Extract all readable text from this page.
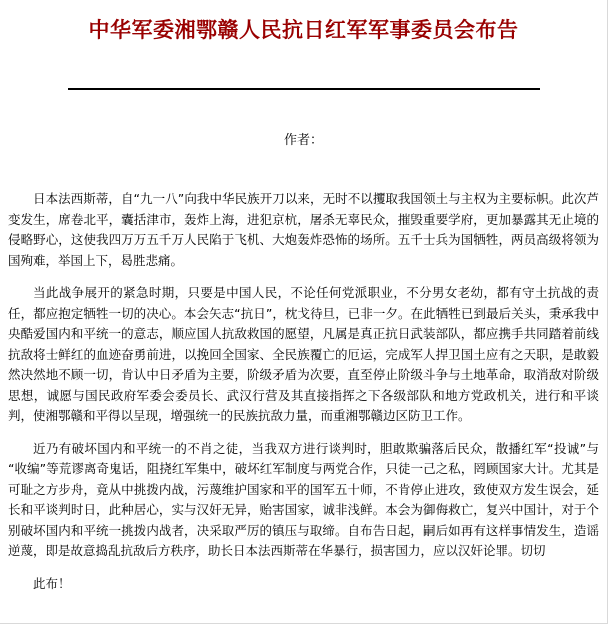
中华军委湘鄂赣人民抗日红军军事委员会布告
作者：

日本法西斯蒂，自“九一八”向我中华民族开刀以来，无时不以攫取我国领土与主权为主要标帜。此次芦变发生，席卷北平，囊括津市，轰炸上海，进犯京杭，屠杀无辜民众，摧毁重要学府，更加暴露其无止境的侵略野心，这使我四万万五千万人民陷于飞机、大炮轰炸恐怖的场所。五千士兵为国牺牲，两员高级将领为国殉难，举国上下，曷胜悲痛。

当此战争展开的紧急时期，只要是中国人民，不论任何党派职业，不分男女老幼，都有守土抗战的责任，都应抱定牺牲一切的决心。本会矢志“抗日”，枕戈待旦，已非一夕。在此牺牲已到最后关头，秉承我中央酷爱国内和平统一的意志，顺应国人抗敌救国的愿望，凡属是真正抗日武装部队，都应携手共同踏着前线抗敌将士鲜红的血迹奋勇前进，以挽回全国家、全民族覆亡的厄运，完成军人捍卫国土应有之天职，是敢毅然决然地不顾一切，肯认中日矛盾为主要，阶级矛盾为次要，直至停止阶级斗争与土地革命，取消敌对阶级思想，诚愿与国民政府军委会委员长、武汉行营及其直接指挥之下各级部队和地方党政机关，进行和平谈判，使湘鄂赣和平得以呈现，增强统一的民族抗敌力量，而重湘鄂赣边区防卫工作。

近乃有破坏国内和平统一的不肖之徒，当我双方进行谈判时，胆敢欺骗落后民众，散播红军“投诚”与“收编”等荒谬离奇鬼话，阻挠红军集中，破坏红军制度与两党合作，只徒一己之私，罔顾国家大计。尤其是可耻之方步舟，竟从中挑拨内战，污蔑维护国家和平的国军五十师，不肯停止进攻，致使双方发生误会，延长和平谈判时日，此种居心，实与汉奸无异，贻害国家，诚非浅鲜。本会为御侮救亡，复兴中国计，对于个别破坏国内和平统一挑拨内战者，决采取严厉的镇压与取缔。自布告日起，嗣后如再有这样事情发生，造谣逆蔑，即是故意捣乱抗敌后方秩序，助长日本法西斯蒂在华暴行，损害国力，应以汉奸论罪。切切

此布！
